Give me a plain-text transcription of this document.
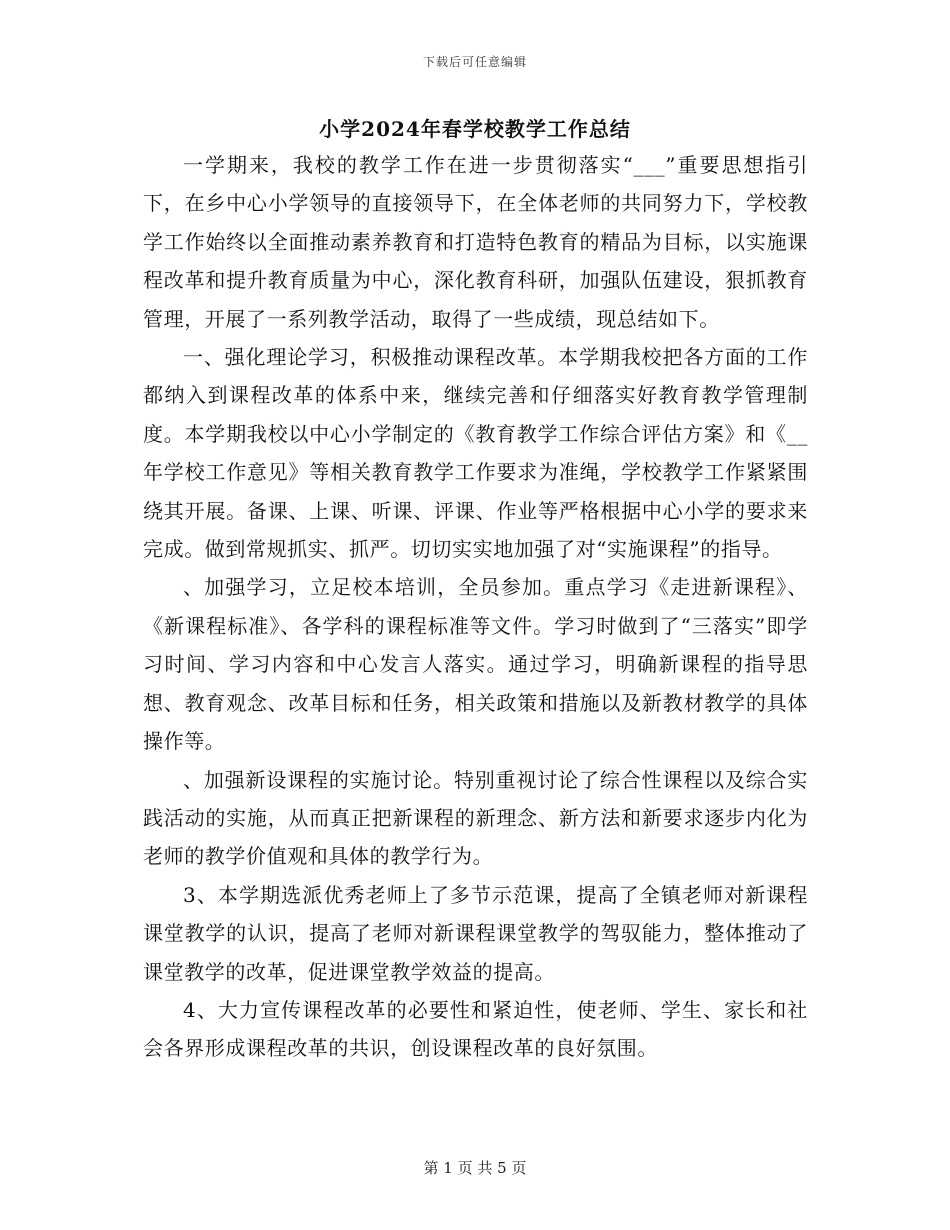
下载后可任意编辑
小学2024年春学校教学工作总结

一学期来，我校的教学工作在进一步贯彻落实“___”重要思想指引下，在乡中心小学领导的直接领导下，在全体老师的共同努力下，学校教学工作始终以全面推动素养教育和打造特色教育的精品为目标，以实施课程改革和提升教育质量为中心，深化教育科研，加强队伍建设，狠抓教育管理，开展了一系列教学活动，取得了一些成绩，现总结如下。

一、强化理论学习，积极推动课程改革。本学期我校把各方面的工作都纳入到课程改革的体系中来，继续完善和仔细落实好教育教学管理制度。本学期我校以中心小学制定的《教育教学工作综合评估方案》和《__年学校工作意见》等相关教育教学工作要求为准绳，学校教学工作紧紧围绕其开展。备课、上课、听课、评课、作业等严格根据中心小学的要求来完成。做到常规抓实、抓严。切切实实地加强了对“实施课程”的指导。

、加强学习，立足校本培训，全员参加。重点学习《走进新课程》、《新课程标准》、各学科的课程标准等文件。学习时做到了“三落实”即学习时间、学习内容和中心发言人落实。通过学习，明确新课程的指导思想、教育观念、改革目标和任务，相关政策和措施以及新教材教学的具体操作等。

、加强新设课程的实施讨论。特别重视讨论了综合性课程以及综合实践活动的实施，从而真正把新课程的新理念、新方法和新要求逐步内化为老师的教学价值观和具体的教学行为。

3、本学期选派优秀老师上了多节示范课，提高了全镇老师对新课程课堂教学的认识，提高了老师对新课程课堂教学的驾驭能力，整体推动了课堂教学的改革，促进课堂教学效益的提高。

4、大力宣传课程改革的必要性和紧迫性，使老师、学生、家长和社会各界形成课程改革的共识，创设课程改革的良好氛围。

第 1 页 共 5 页
